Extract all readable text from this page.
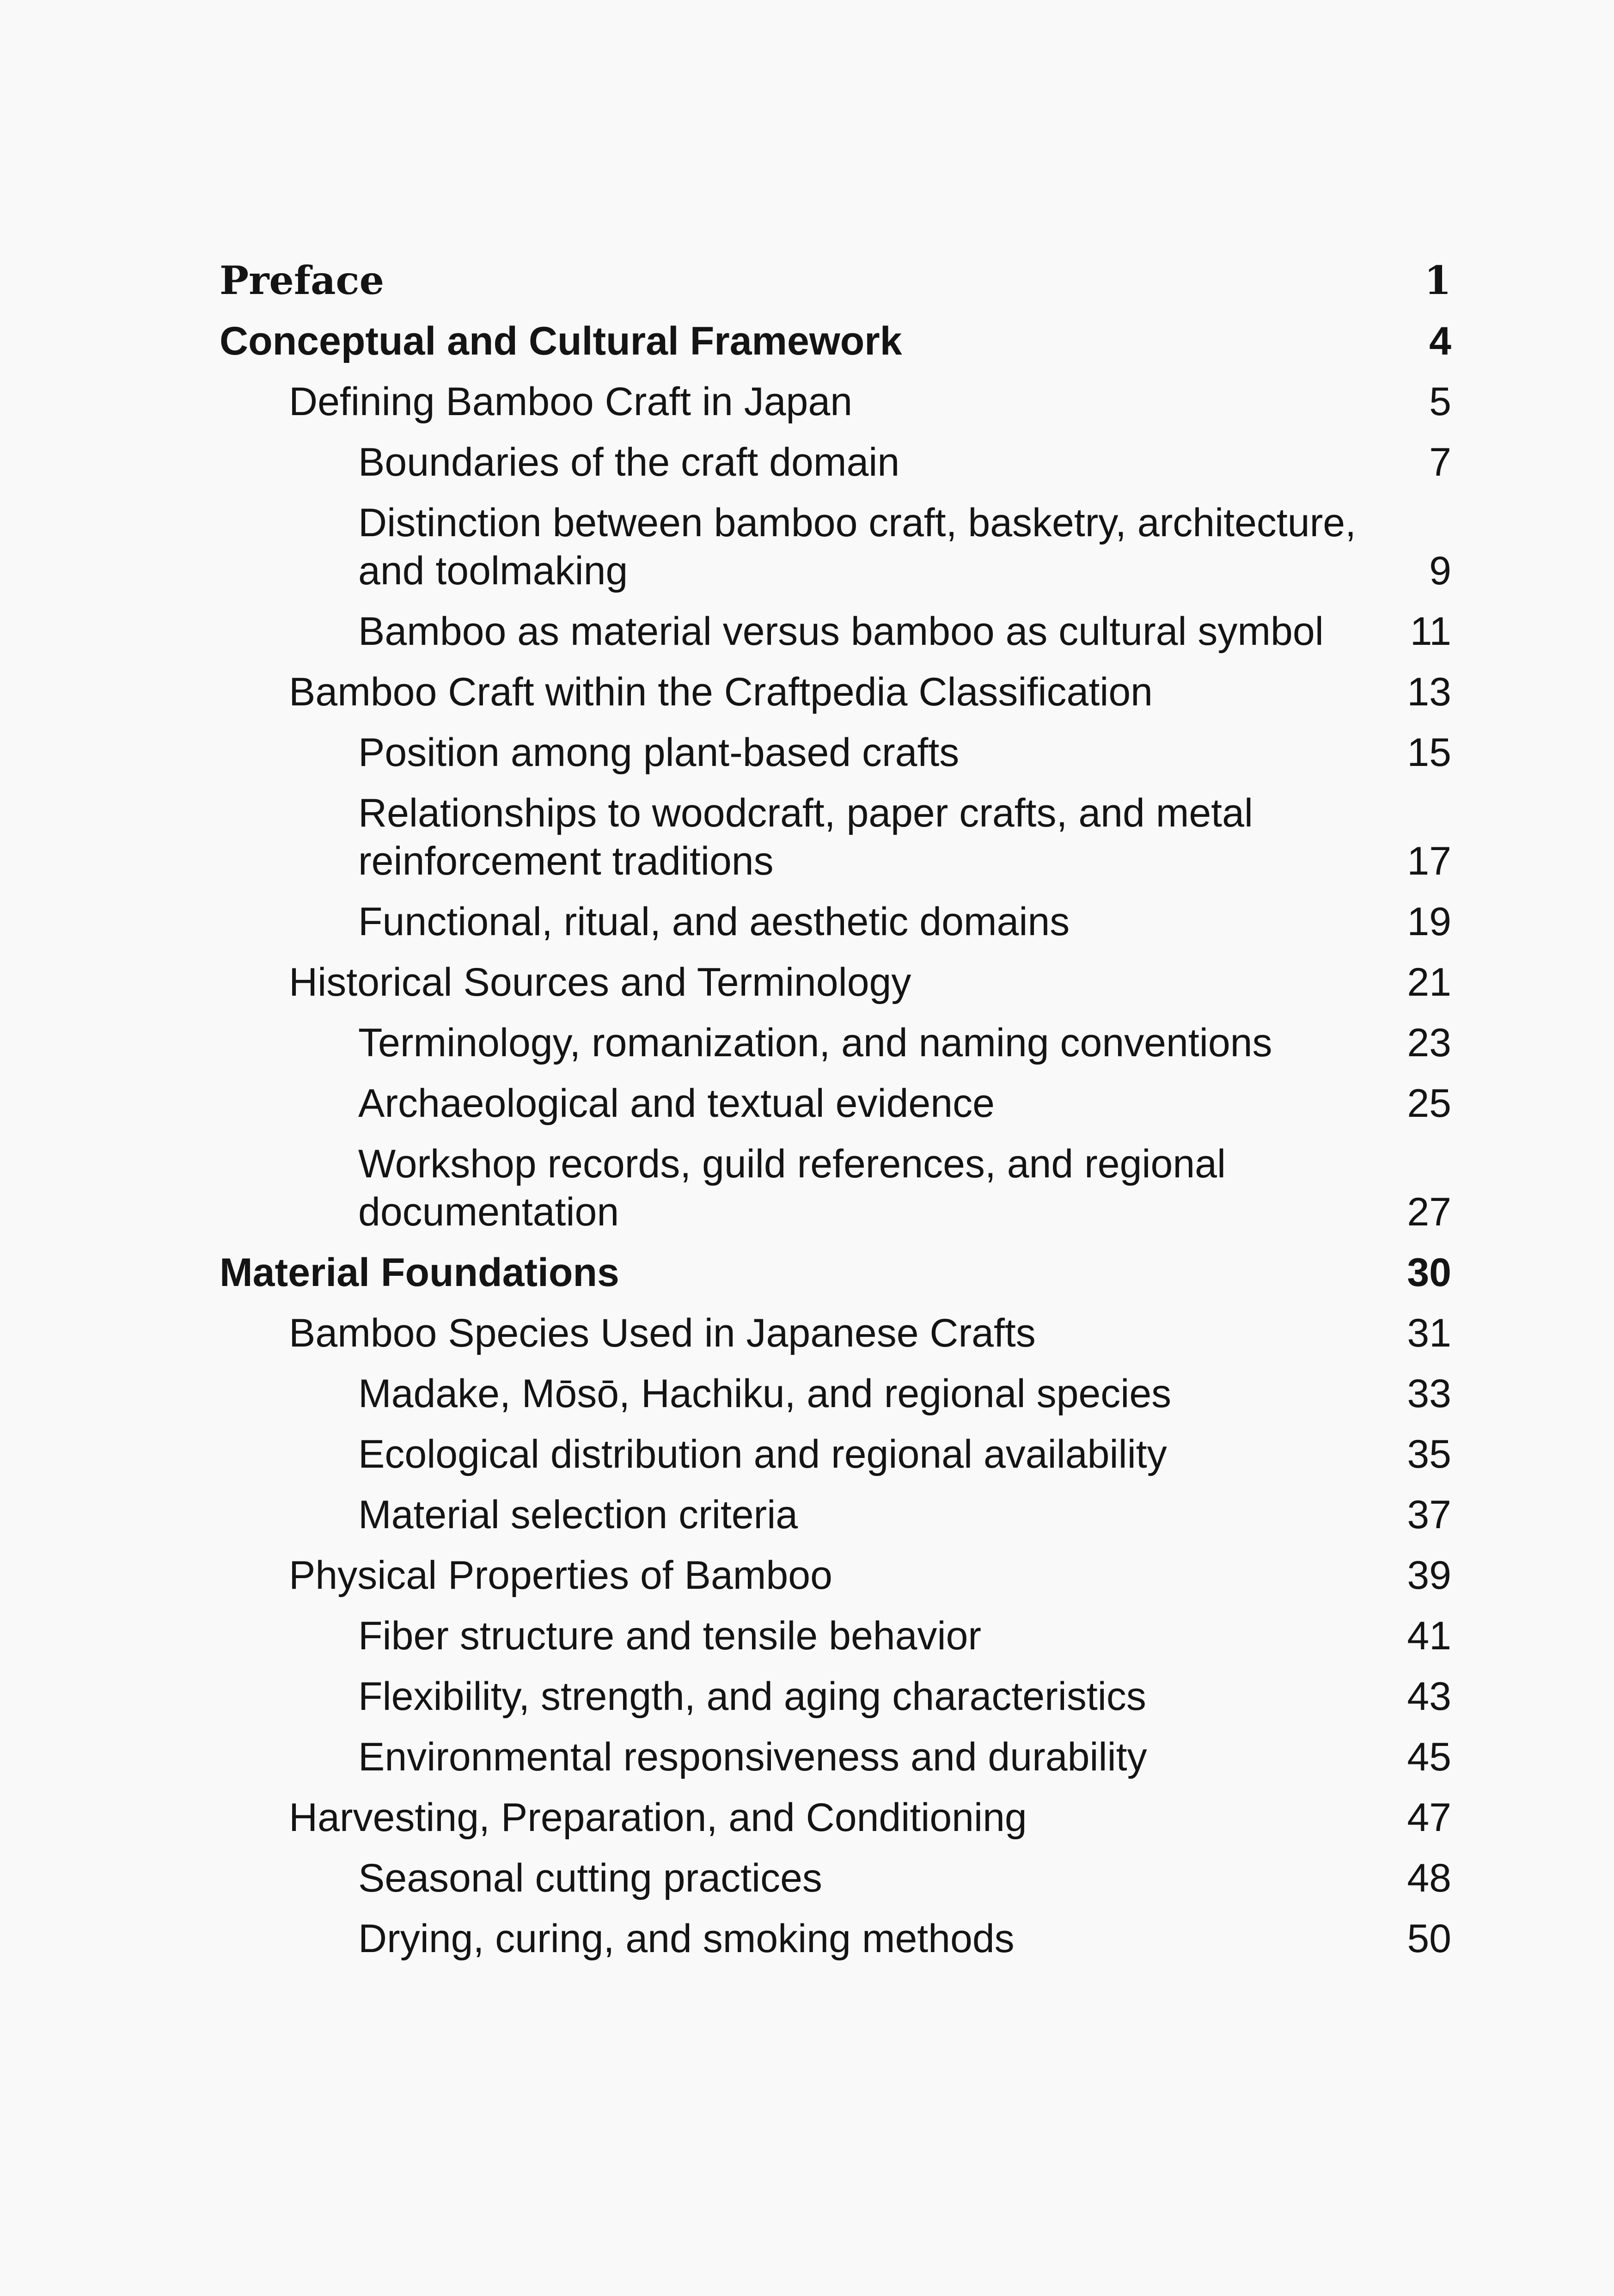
Preface	1
Conceptual and Cultural Framework	4
Defining Bamboo Craft in Japan	5
Boundaries of the craft domain	7
Distinction between bamboo craft, basketry, architecture, and toolmaking	9
Bamboo as material versus bamboo as cultural symbol	11
Bamboo Craft within the Craftpedia Classification	13
Position among plant-based crafts	15
Relationships to woodcraft, paper crafts, and metal reinforcement traditions	17
Functional, ritual, and aesthetic domains	19
Historical Sources and Terminology	21
Terminology, romanization, and naming conventions	23
Archaeological and textual evidence	25
Workshop records, guild references, and regional documentation	27
Material Foundations	30
Bamboo Species Used in Japanese Crafts	31
Madake, Mōsō, Hachiku, and regional species	33
Ecological distribution and regional availability	35
Material selection criteria	37
Physical Properties of Bamboo	39
Fiber structure and tensile behavior	41
Flexibility, strength, and aging characteristics	43
Environmental responsiveness and durability	45
Harvesting, Preparation, and Conditioning	47
Seasonal cutting practices	48
Drying, curing, and smoking methods	50
